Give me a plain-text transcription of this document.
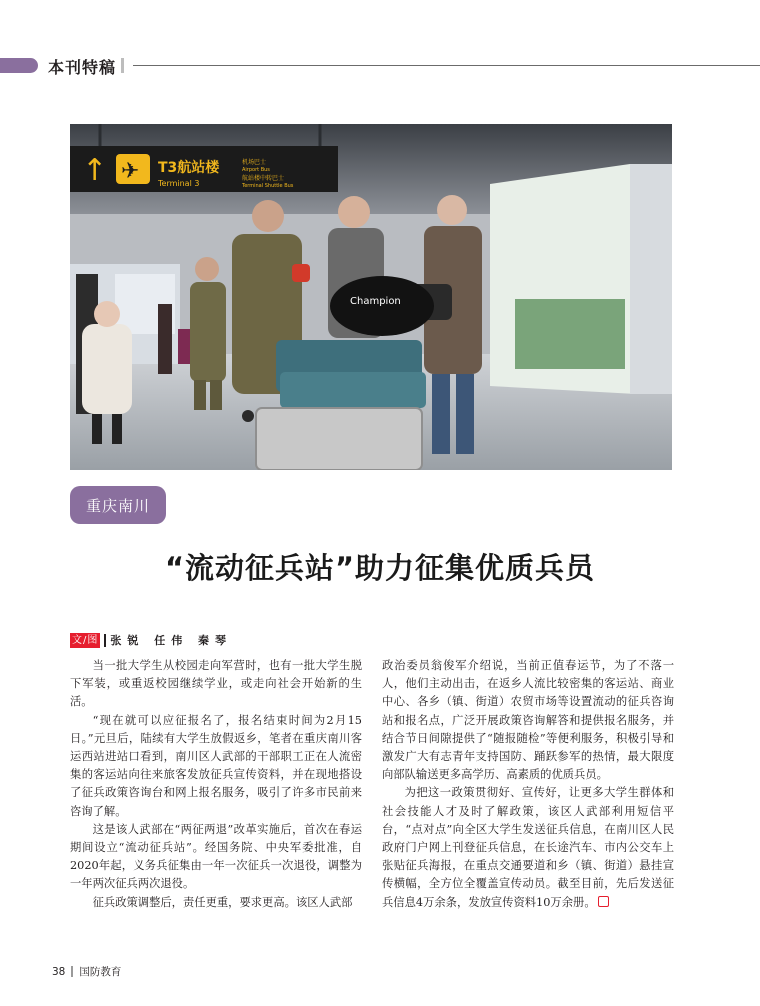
本刊特稿
↑ ✈ T3航站楼
Terminal 3
机场巴士
Airport Bus
航站楼中转巴士
Terminal Shuttle Bus
Champion
重庆南川
“流动征兵站”助力征集优质兵员
文/图 张锐 任伟 秦琴

当一批大学生从校园走向军营时，也有一批大学生脱下军装，或重返校园继续学业，或走向社会开始新的生活。

“现在就可以应征报名了，报名结束时间为2月15日。”元旦后，陆续有大学生放假返乡，笔者在重庆南川客运西站进站口看到，南川区人武部的干部职工正在人流密集的客运站向往来旅客发放征兵宣传资料，并在现地搭设了征兵政策咨询台和网上报名服务，吸引了许多市民前来咨询了解。

这是该人武部在“两征两退”改革实施后，首次在春运期间设立“流动征兵站”。经国务院、中央军委批准，自2020年起，义务兵征集由一年一次征兵一次退役，调整为一年两次征兵两次退役。

征兵政策调整后，责任更重，要求更高。该区人武部

政治委员翁俊军介绍说，当前正值春运节，为了不落一人，他们主动出击，在返乡人流比较密集的客运站、商业中心、各乡（镇、街道）农贸市场等设置流动的征兵咨询站和报名点，广泛开展政策咨询解答和提供报名服务，并结合节日间隙提供了“随报随检”等便利服务，积极引导和激发广大有志青年支持国防、踊跃参军的热情，最大限度向部队输送更多高学历、高素质的优质兵员。

为把这一政策贯彻好、宣传好，让更多大学生群体和社会技能人才及时了解政策，该区人武部利用短信平台，“点对点”向全区大学生发送征兵信息，在南川区人民政府门户网上刊登征兵信息，在长途汽车、市内公交车上张贴征兵海报，在重点交通要道和乡（镇、街道）悬挂宣传横幅，全方位全覆盖宣传动员。截至目前，先后发送征兵信息4万余条，发放宣传资料10万余册。

38 国防教育
